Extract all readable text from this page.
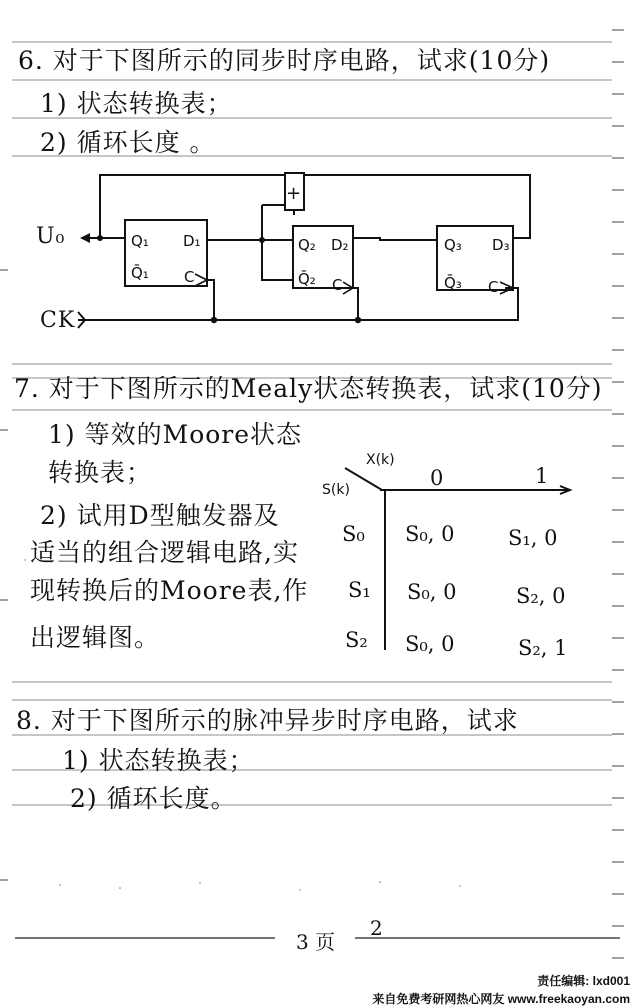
6. 对于下图所示的同步时序电路，试求(10分)
1) 状态转换表；
2) 循环长度 。
+
U₀
CK
Q₁
Q̄₁
D₁
C
Q₂
Q̄₂
D₂
C
Q₃
Q̄₃
D₃
C
7. 对于下图所示的Mealy状态转换表，试求(10分)
1) 等效的Moore状态
转换表；
2) 试用D型触发器及
适当的组合逻辑电路,实
现转换后的Moore表,作
出逻辑图。
X(k)
S(k)	0	1
S₀ S₀, 0	S₁, 0
S₁ S₀, 0	S₂, 0
S₂ S₀, 0	S₂, 1
8. 对于下图所示的脉冲异步时序电路，试求
1) 状态转换表；
2) 循环长度。
3 页
2
责任编辑: lxd001
来自免费考研网热心网友 www.freekaoyan.com
